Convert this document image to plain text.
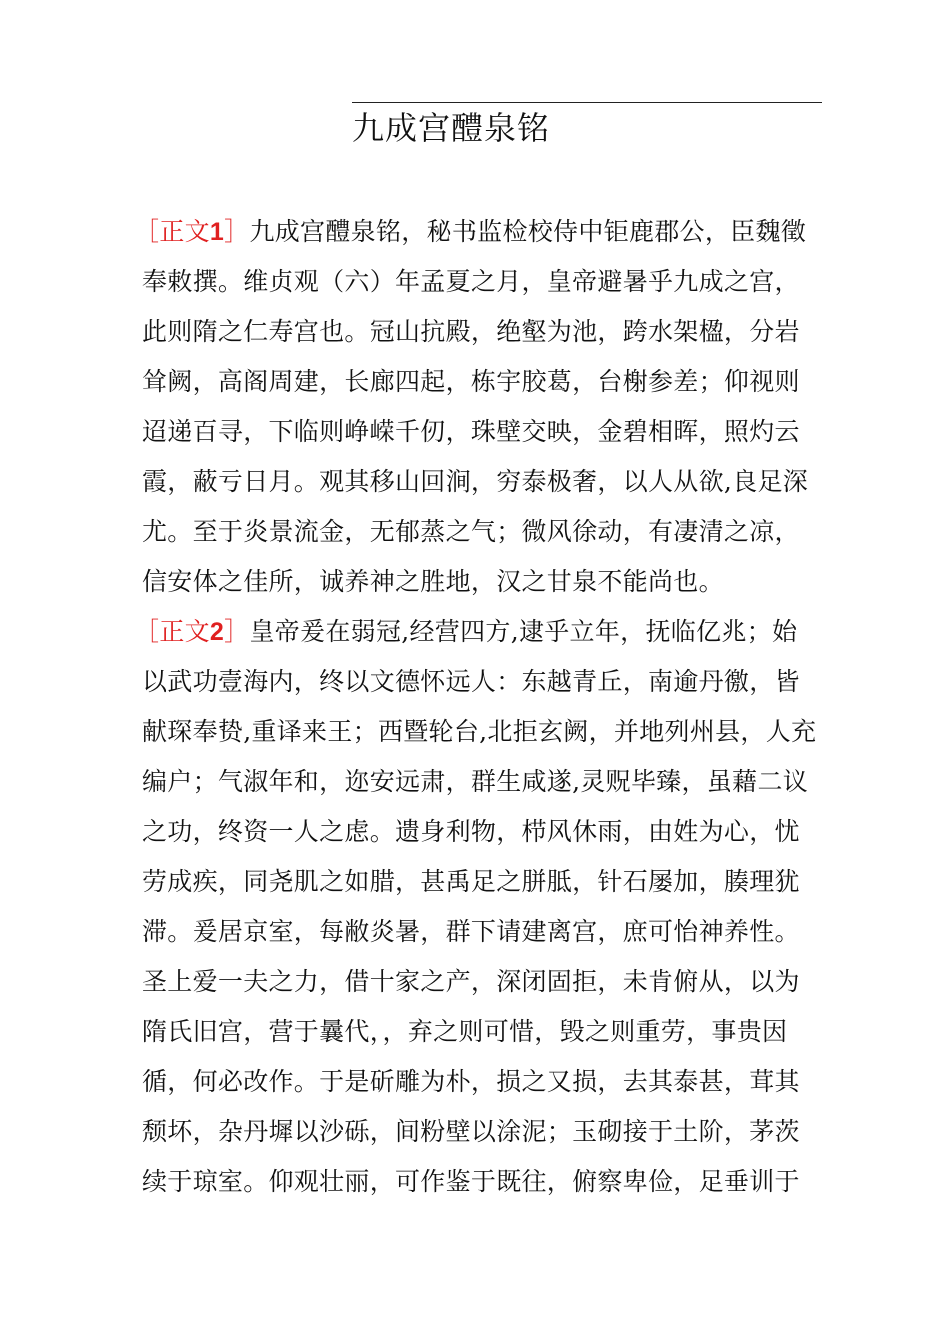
九成宫醴泉铭
［正文1］九成宫醴泉铭，秘书监检校侍中钜鹿郡公，臣魏徵
奉敕撰。维贞观（六）年孟夏之月，皇帝避暑乎九成之宫，
此则隋之仁寿宫也。冠山抗殿，绝壑为池，跨水架楹，分岩
耸阙，高阁周建，长廊四起，栋宇胶葛，台榭参差；仰视则
迢递百寻，下临则峥嵘千仞，珠壁交映，金碧相晖，照灼云
霞，蔽亏日月。观其移山回涧，穷泰极奢，以人从欲,良足深
尤。至于炎景流金，无郁蒸之气；微风徐动，有凄清之凉，
信安体之佳所，诚养神之胜地，汉之甘泉不能尚也。
［正文2］皇帝爰在弱冠,经营四方,逮乎立年，抚临亿兆；始
以武功壹海内，终以文德怀远人：东越青丘，南逾丹徼，皆
献琛奉贽,重译来王；西暨轮台,北拒玄阙，并地列州县，人充
编户；气淑年和，迩安远肃，群生咸遂,灵贶毕臻，虽藉二议
之功，终资一人之虑。遗身利物，栉风休雨，由姓为心，忧
劳成疾，同尧肌之如腊，甚禹足之胼胝，针石屡加，腠理犹
滞。爰居京室，每敝炎暑，群下请建离宫，庶可怡神养性。
圣上爱一夫之力，借十家之产，深闭固拒，未肯俯从，以为
隋氏旧宫，营于曩代，，弃之则可惜，毁之则重劳，事贵因
循，何必改作。于是斫雕为朴，损之又损，去其泰甚，茸其
颓坏，杂丹墀以沙砾，间粉壁以涂泥；玉砌接于土阶，茅茨
续于琼室。仰观壮丽，可作鉴于既往，俯察卑俭，足垂训于
